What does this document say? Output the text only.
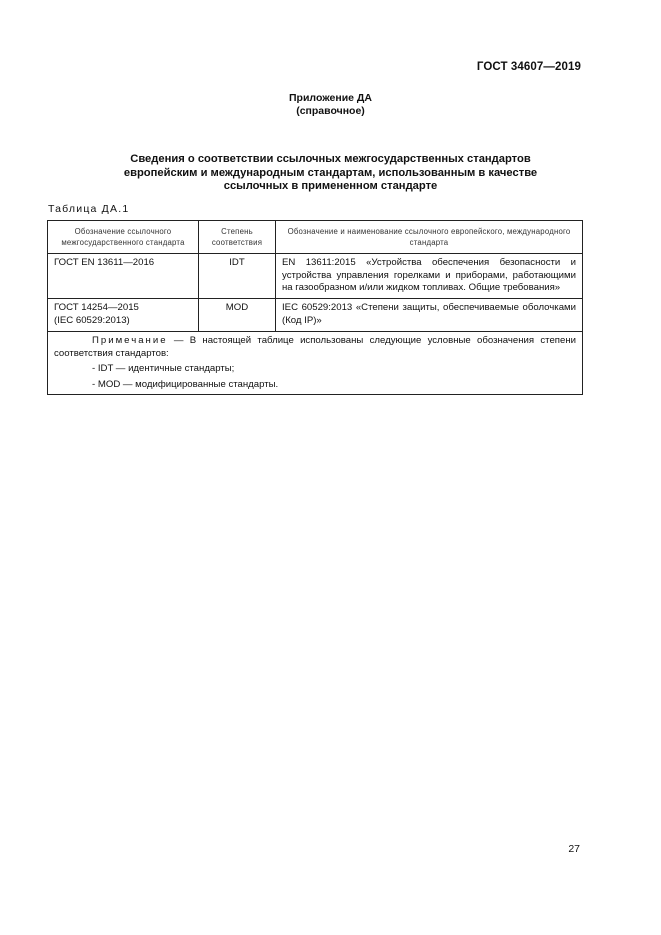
ГОСТ 34607—2019
Приложение ДА
(справочное)
Сведения о соответствии ссылочных межгосударственных стандартов
европейским и международным стандартам, использованным в качестве
ссылочных в примененном стандарте
Таблица ДА.1
Обозначение ссылочного межгосударственного стандарта	Степень соответствия	Обозначение и наименование ссылочного европейского, международного стандарта
ГОСТ EN 13611—2016	IDT	EN 13611:2015 «Устройства обеспечения безопасности и устройства управления горелками и приборами, работающими на газообразном и/или жидком топливах. Общие требования»

ГОСТ 14254—2015
(IEC 60529:2013)	MOD	IEC 60529:2013 «Степени защиты, обеспечиваемые оболочками (Код IP)»

Примечание — В настоящей таблице использованы следующие условные обозначения степени соответствия стандартов:
- IDT — идентичные стандарты;
- MOD — модифицированные стандарты.		
27
